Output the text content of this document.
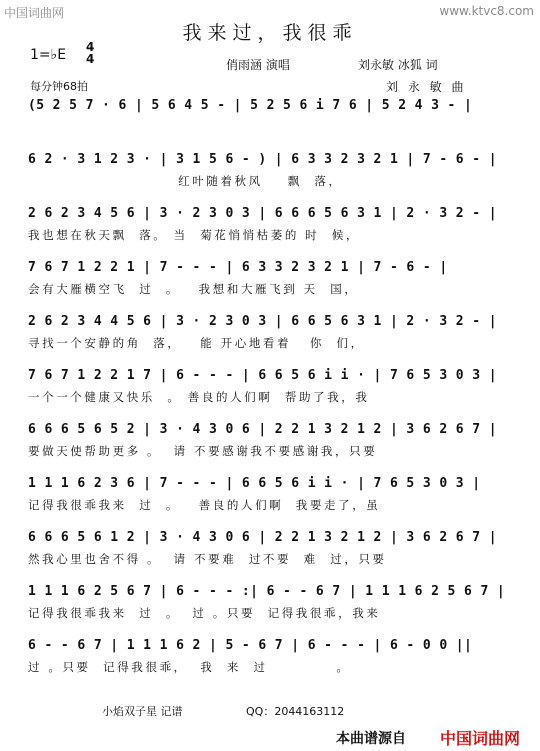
中国词曲网	www.ktvc8.com
我来过，我很乖
1=♭E 4
4	俏雨涵 演唱	刘永敏 冰狐 词
每分钟68拍	刘 永 敏 曲
(5 2 5 7 · 6 | 5 6 4 5 - | 5 2 5 6 i 7 6 | 5 2 4 3 - |
6 2 · 3 1 2 3 · | 3 1 5 6 - ) | 6 3 3 2 3 2 1 | 7 - 6 - |
红叶随着秋风    飘  落，
2 6 2 3 4 5 6 | 3 · 2 3 0 3 | 6 6 6 5 6 3 1 | 2 · 3 2 - |
我也想在秋天飘  落。 当  菊花悄悄枯萎的 时  候，
7 6 7 1 2 2 1 | 7 - - - | 6 3 3 2 3 2 1 | 7 - 6 - |
会有大雁横空飞  过  。   我想和大雁飞到 天  国，
2 6 2 3 4 4 5 6 | 3 · 2 3 0 3 | 6 6 5 6 3 1 | 2 · 3 2 - |
寻找一个安静的角  落，   能 开心地看着   你  们，
7 6 7 1 2 2 1 7 | 6 - - - | 6 6 5 6 i i · | 7 6 5 3 0 3 |
一个一个健康又快乐  。 善良的人们啊  帮助了我，我
6 6 6 5 6 5 2 | 3 · 4 3 0 6 | 2 2 1 3 2 1 2 | 3 6 2 6 7 |
要做天使帮助更多 。  请 不要感谢我不要感谢我，只要
1 1 1 6 2 3 6 | 7 - - - | 6 6 5 6 i i · | 7 6 5 3 0 3 |
记得我很乖我来  过  。   善良的人们啊  我要走了，虽
6 6 6 5 6 1 2 | 3 · 4 3 0 6 | 2 2 1 3 2 1 2 | 3 6 2 6 7 |
然我心里也舍不得 。  请 不要难  过不要  难  过，只要
1 1 1 6 2 5 6 7 | 6 - - - :| 6 - - 6 7 | 1 1 1 6 2 5 6 7 |
记得我很乖我来  过  。  过 。只要  记得我很乖，我来
6 - - 6 7 | 1 1 1 6 2 | 5 - 6 7 | 6 - - - | 6 - 0 0 ||
过 。只要  记得我很乖，  我  来  过           。
小焰双子星 记谱	QQ：2044163112
本曲谱源自 中国词曲网
